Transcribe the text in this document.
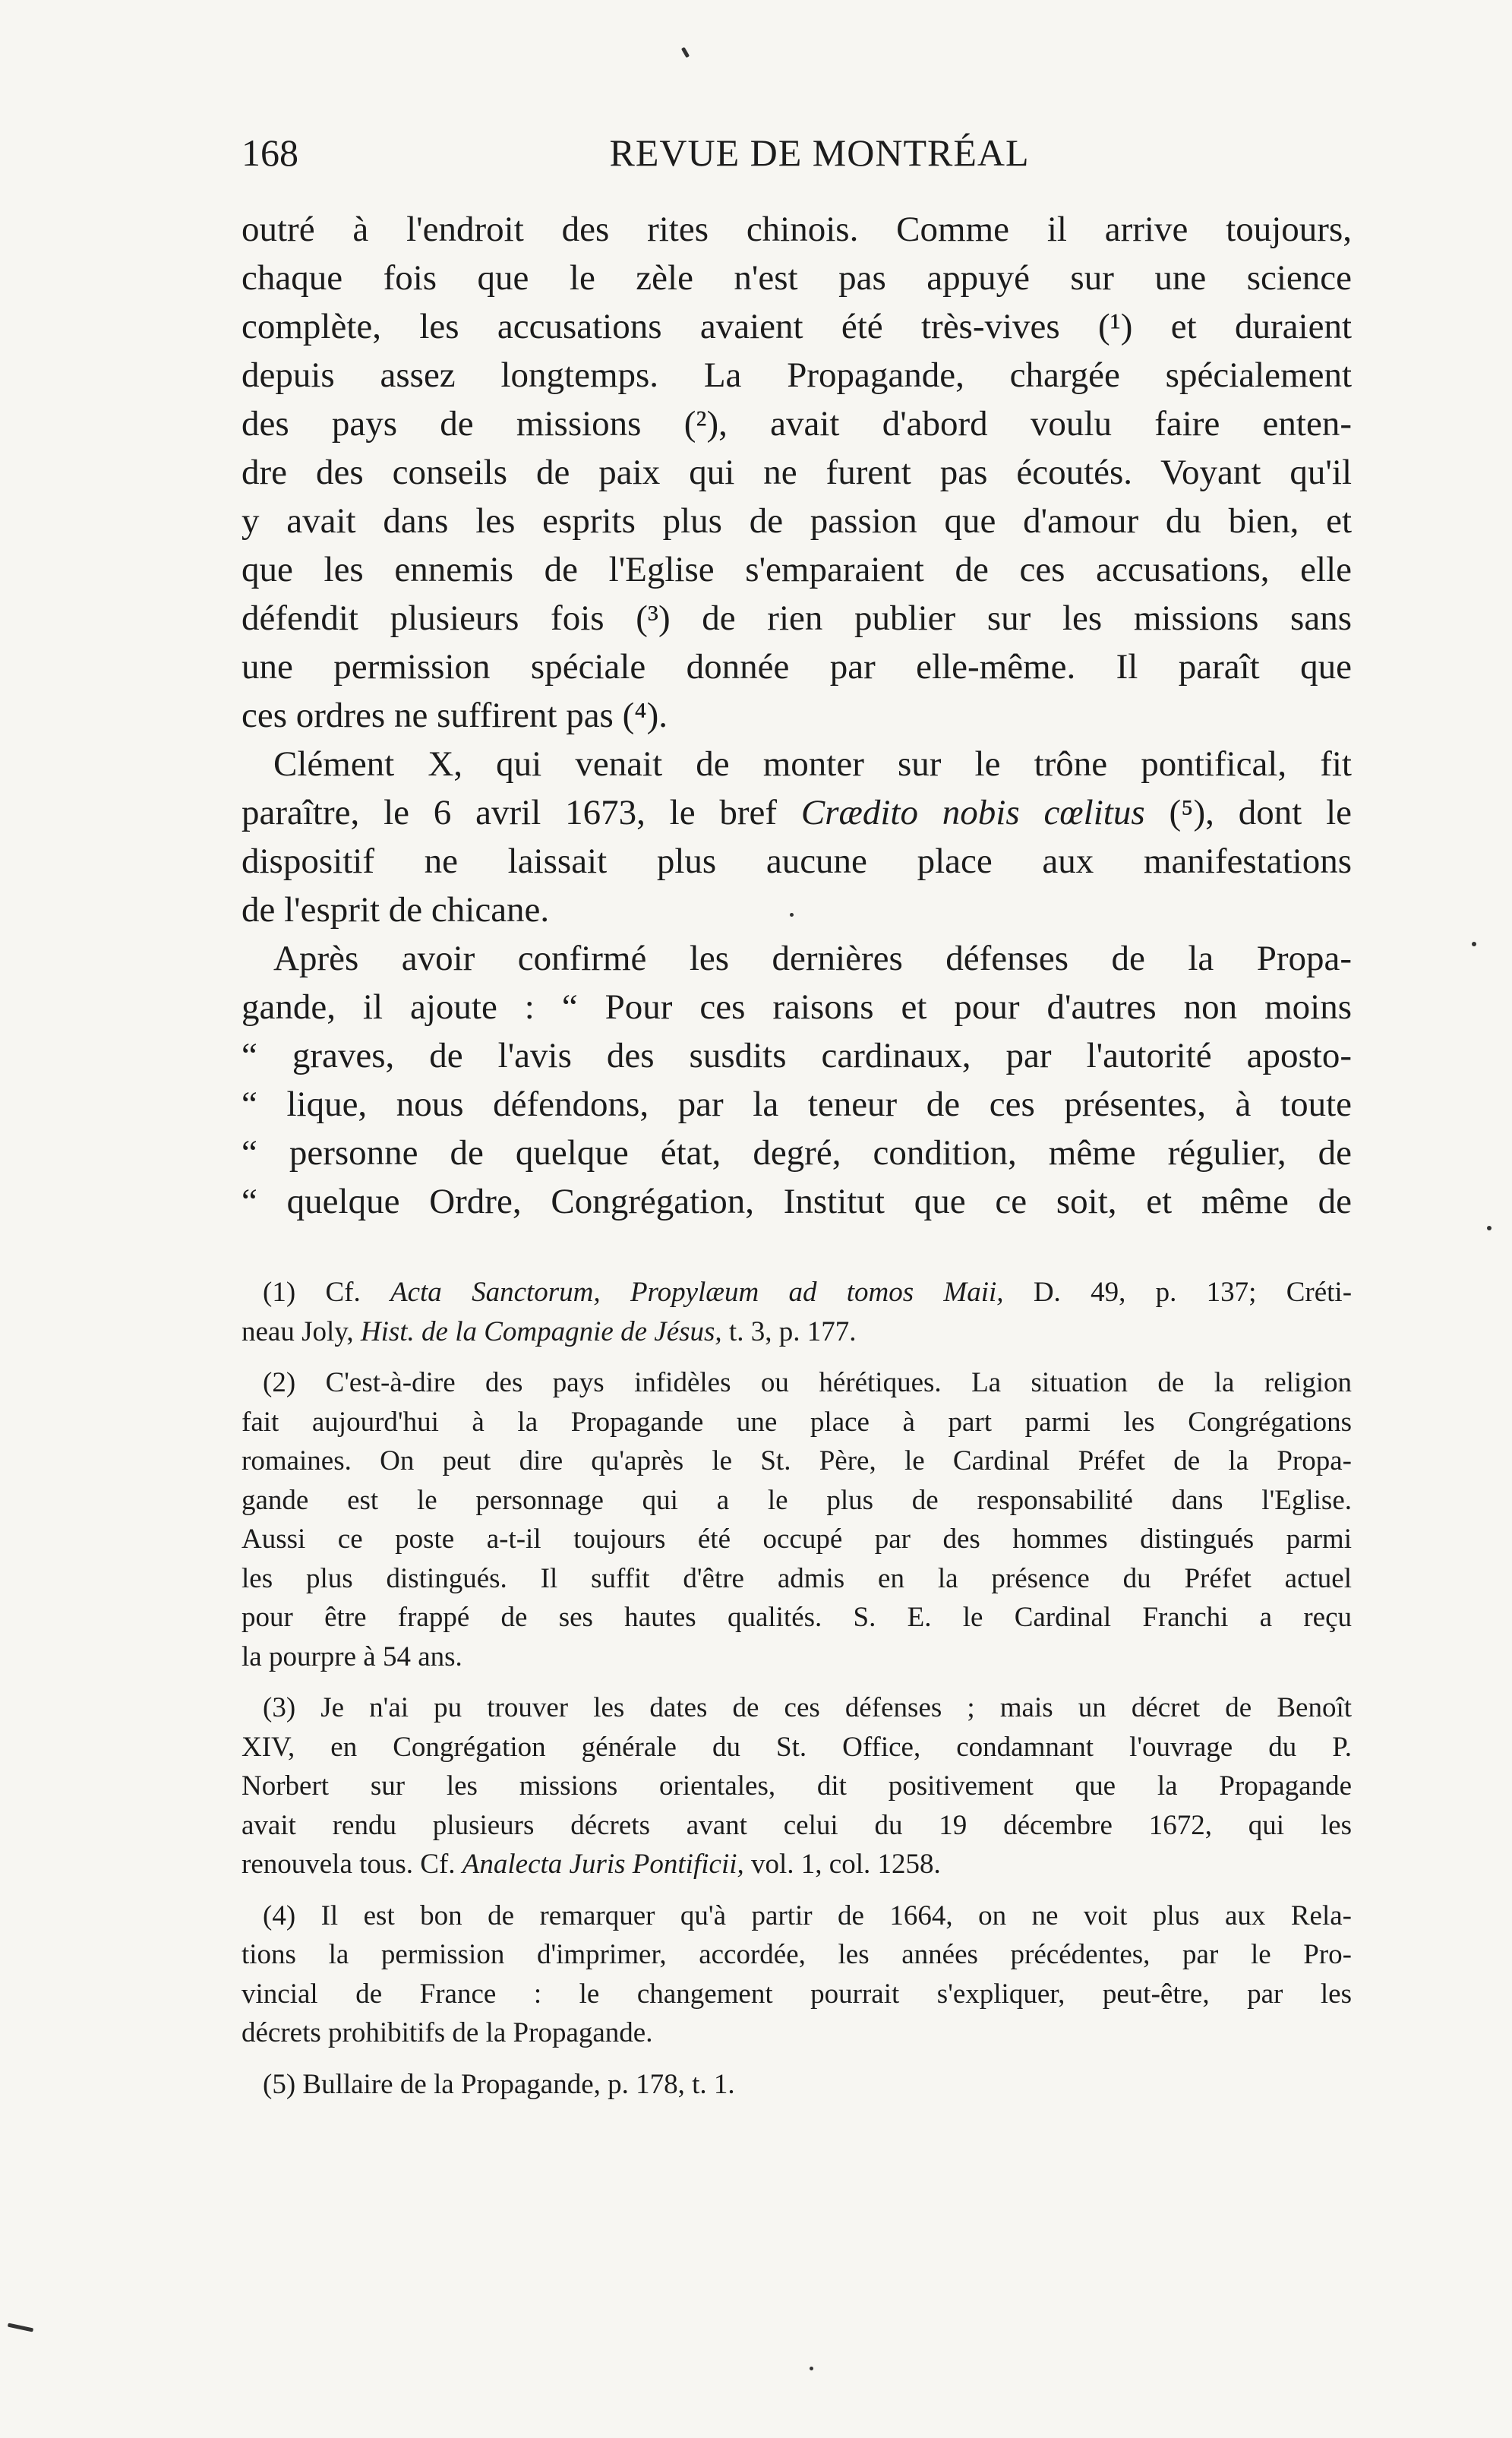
168	REVUE DE MONTRÉAL
outré à l'endroit des rites chinois. Comme il arrive toujours,
chaque fois que le zèle n'est pas appuyé sur une science
complète, les accusations avaient été très-vives (¹) et duraient
depuis assez longtemps. La Propagande, chargée spécialement
des pays de missions (²), avait d'abord voulu faire enten-
dre des conseils de paix qui ne furent pas écoutés. Voyant qu'il
y avait dans les esprits plus de passion que d'amour du bien, et
que les ennemis de l'Eglise s'emparaient de ces accusations, elle
défendit plusieurs fois (³) de rien publier sur les missions sans
une permission spéciale donnée par elle-même. Il paraît que
ces ordres ne suffirent pas (⁴).
Clément X, qui venait de monter sur le trône pontifical, fit
paraître, le 6 avril 1673, le bref Crædito nobis cœlitus (⁵), dont le
dispositif ne laissait plus aucune place aux manifestations
de l'esprit de chicane.
Après avoir confirmé les dernières défenses de la Propa-
gande, il ajoute : “ Pour ces raisons et pour d'autres non moins
“ graves, de l'avis des susdits cardinaux, par l'autorité aposto-
“ lique, nous défendons, par la teneur de ces présentes, à toute
“ personne de quelque état, degré, condition, même régulier, de
“ quelque Ordre, Congrégation, Institut que ce soit, et même de
(1) Cf. Acta Sanctorum, Propylæum ad tomos Maii, D. 49, p. 137; Créti-
neau Joly, Hist. de la Compagnie de Jésus, t. 3, p. 177.
(2) C'est-à-dire des pays infidèles ou hérétiques. La situation de la religion
fait aujourd'hui à la Propagande une place à part parmi les Congrégations
romaines. On peut dire qu'après le St. Père, le Cardinal Préfet de la Propa-
gande est le personnage qui a le plus de responsabilité dans l'Eglise.
Aussi ce poste a-t-il toujours été occupé par des hommes distingués parmi
les plus distingués. Il suffit d'être admis en la présence du Préfet actuel
pour être frappé de ses hautes qualités. S. E. le Cardinal Franchi a reçu
la pourpre à 54 ans.
(3) Je n'ai pu trouver les dates de ces défenses ; mais un décret de Benoît
XIV, en Congrégation générale du St. Office, condamnant l'ouvrage du P.
Norbert sur les missions orientales, dit positivement que la Propagande
avait rendu plusieurs décrets avant celui du 19 décembre 1672, qui les
renouvela tous. Cf. Analecta Juris Pontificii, vol. 1, col. 1258.
(4) Il est bon de remarquer qu'à partir de 1664, on ne voit plus aux Rela-
tions la permission d'imprimer, accordée, les années précédentes, par le Pro-
vincial de France : le changement pourrait s'expliquer, peut-être, par les
décrets prohibitifs de la Propagande.
(5) Bullaire de la Propagande, p. 178, t. 1.
